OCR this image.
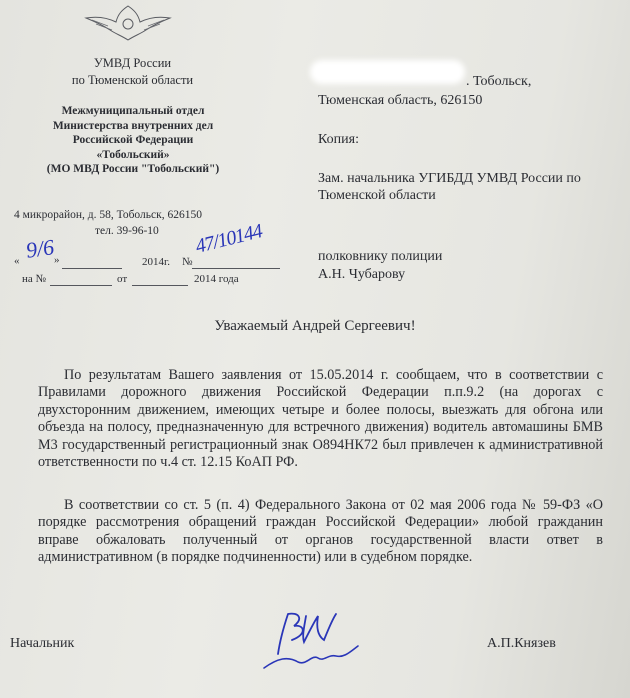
УМВД России
по Тюменской области
Межмуниципальный отдел
Министерства внутренних дел
Российской Федерации
«Тобольский»
(МО МВД России "Тобольский")
4 микрорайон, д. 58, Тобольск, 626150
тел. 39-96-10
« 9/6
»	2014г. №
47/10144
на №	от	2014 года
. Тобольск,
Тюменская область, 626150
Копия:
Зам. начальника УГИБДД УМВД России по Тюменской области
полковнику полиции
А.Н. Чубарову
Уважаемый Андрей Сергеевич!
По результатам Вашего заявления от 15.05.2014 г. сообщаем, что в соответствии с Правилами дорожного движения Российской Федерации п.п.9.2 (на дорогах с двухсторонним движением, имеющих четыре и более полосы, выезжать для обгона или объезда на полосу, предназначенную для встречного движения) водитель автомашины БМВ М3 государственный регистрационный знак О894НК72 был привлечен к административной ответственности по ч.4 ст. 12.15 КоАП РФ.
В соответствии со ст. 5 (п. 4) Федерального Закона от 02 мая 2006 года № 59-ФЗ «О порядке рассмотрения обращений граждан Российской Федерации» любой гражданин вправе обжаловать полученный от органов государственной власти ответ в административном (в порядке подчиненности) или в судебном порядке.
Начальник	А.П.Князев
